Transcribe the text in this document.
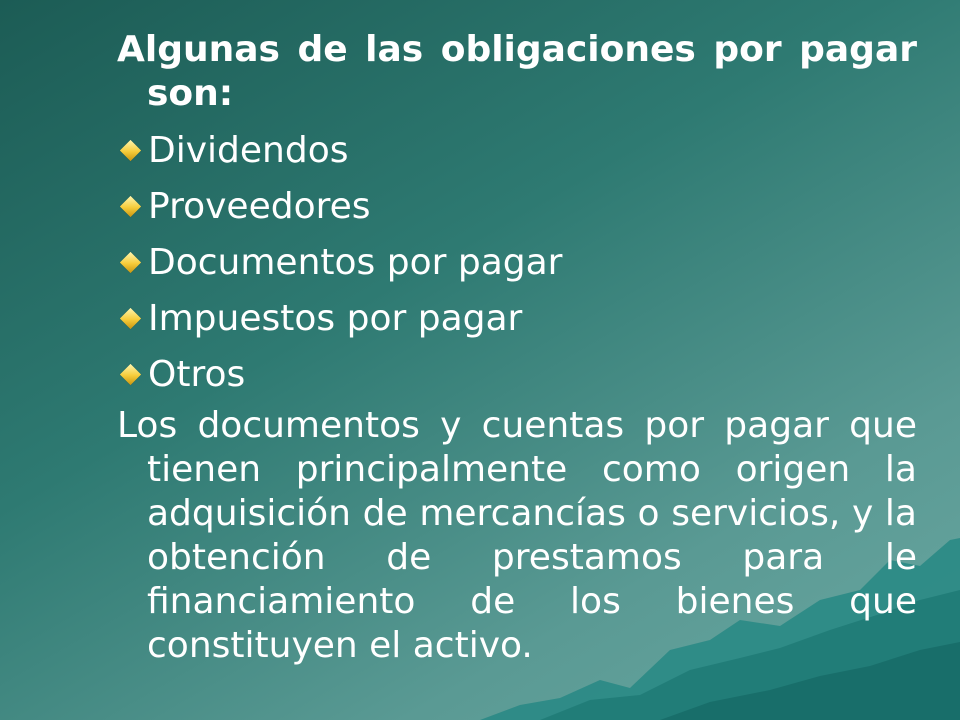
Algunas de las obligaciones por pagar son:

Dividendos
Proveedores
Documentos por pagar
Impuestos por pagar
Otros

Los documentos y cuentas por pagar que tienen principalmente como origen la adquisición de mercancías o servicios, y la obtención de prestamos para le financiamiento de los bienes que constituyen el activo.
